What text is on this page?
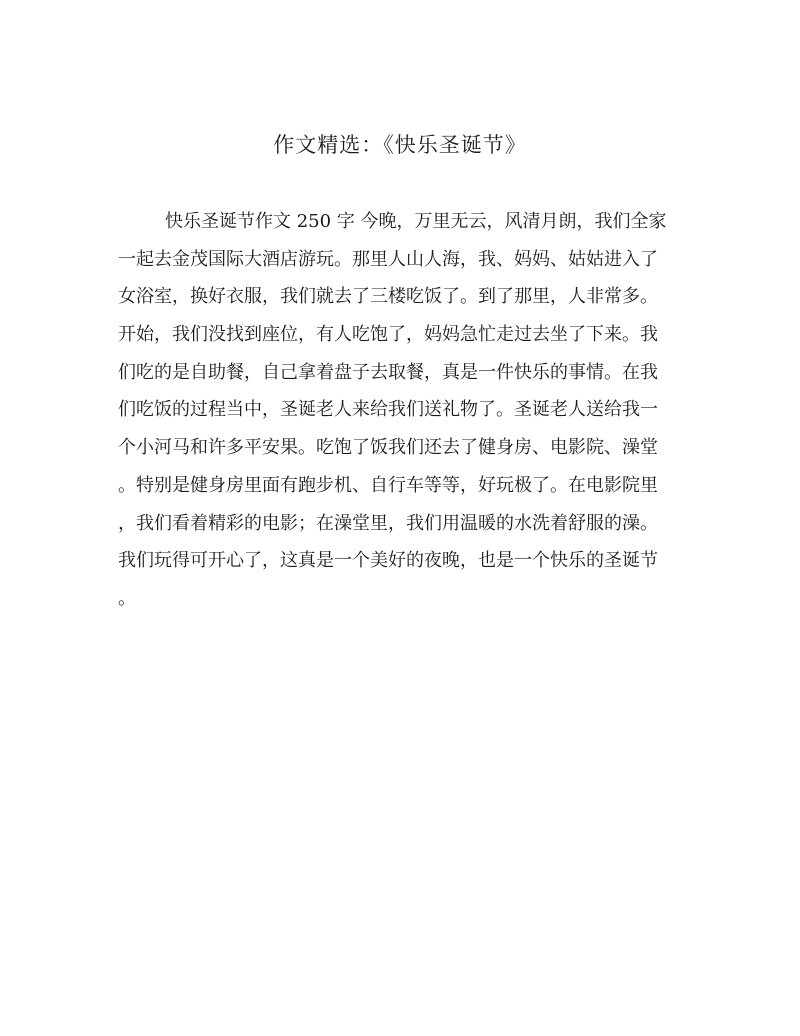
作文精选：《快乐圣诞节》
快乐圣诞节作文 250 字 今晚，万里无云，风清月朗，我们全家
一起去金茂国际大酒店游玩。那里人山人海，我、妈妈、姑姑进入了
女浴室，换好衣服，我们就去了三楼吃饭了。到了那里，人非常多。
开始，我们没找到座位，有人吃饱了，妈妈急忙走过去坐了下来。我
们吃的是自助餐，自己拿着盘子去取餐，真是一件快乐的事情。在我
们吃饭的过程当中，圣诞老人来给我们送礼物了。圣诞老人送给我一
个小河马和许多平安果。吃饱了饭我们还去了健身房、电影院、澡堂
。特别是健身房里面有跑步机、自行车等等，好玩极了。在电影院里
，我们看着精彩的电影；在澡堂里，我们用温暖的水洗着舒服的澡。
我们玩得可开心了，这真是一个美好的夜晚，也是一个快乐的圣诞节
。
